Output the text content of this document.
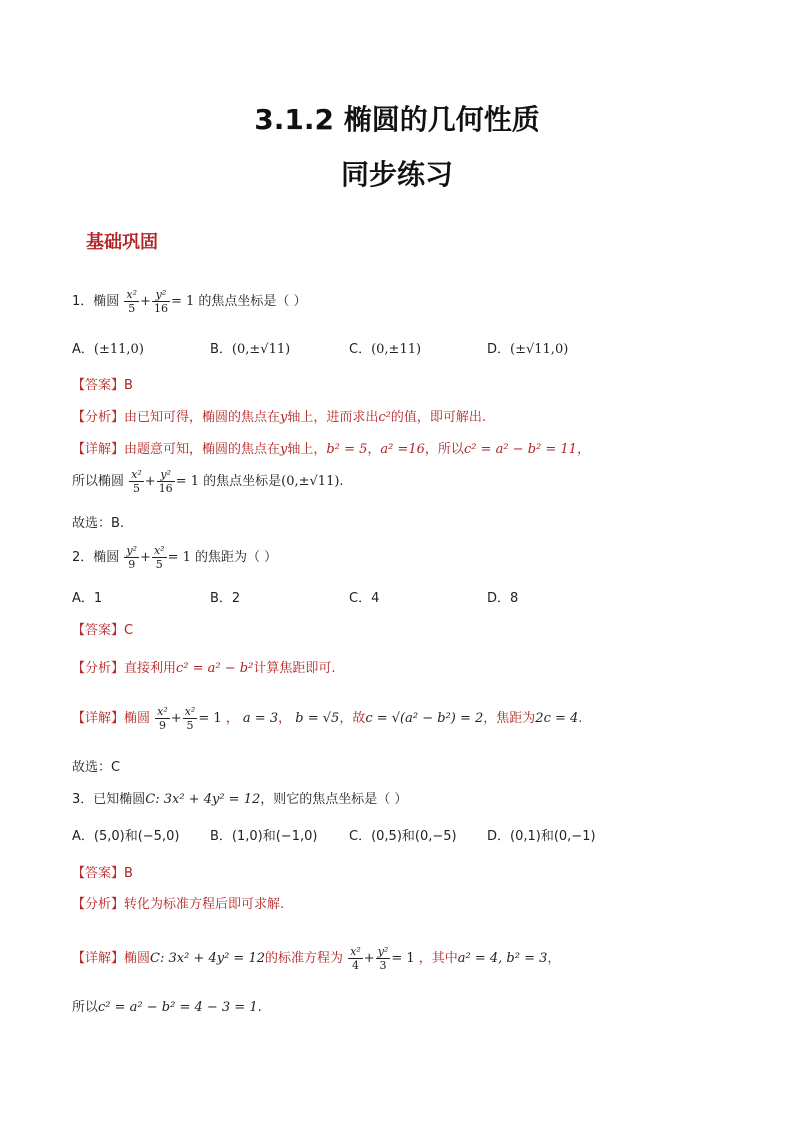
3.1.2 椭圆的几何性质
同步练习
基础巩固
1．椭圆 $\frac{\text{x²}}{5} + \frac{\text{y²}}{16} = 1$ 的焦点坐标是（ ）
A．(±11,0)	B．(0,±√11)	C．(0,±11)	D．(±√11,0)
【答案】B
【分析】由已知可得，椭圆的焦点在y轴上，进而求出c²的值，即可解出.
【详解】由题意可知，椭圆的焦点在y轴上，b² = 5，a² =16，所以c² = a² − b² = 11，
所以椭圆 $\frac{\text{x²}}{5} + \frac{\text{y²}}{16} = 1$ 的焦点坐标是(0,±√11).
故选：B.
2．椭圆 $\frac{\text{y²}}{9} + \frac{\text{x²}}{5} = 1$ 的焦距为（ ）
A．1	B．2	C．4	D．8
【答案】C
【分析】直接利用c² = a² − b²计算焦距即可.
【详解】椭圆 $\frac{\text{x²}}{9} + \frac{\text{x²}}{5} = 1$ ， a = 3， b = √5，故c = √(a² − b²) = 2，焦距为2c = 4.
故选：C
3．已知椭圆C: 3x² + 4y² = 12，则它的焦点坐标是（ ）
A．(5,0)和(−5,0) B．(1,0)和(−1,0) C．(0,5)和(0,−5) D．(0,1)和(0,−1)
【答案】B
【分析】转化为标准方程后即可求解.
【详解】椭圆C: 3x² + 4y² = 12的标准方程为 $\frac{\text{x²}}{4} + \frac{\text{y²}}{3} = 1$ ，其中a² = 4, b² = 3，
所以c² = a² − b² = 4 − 3 = 1.
